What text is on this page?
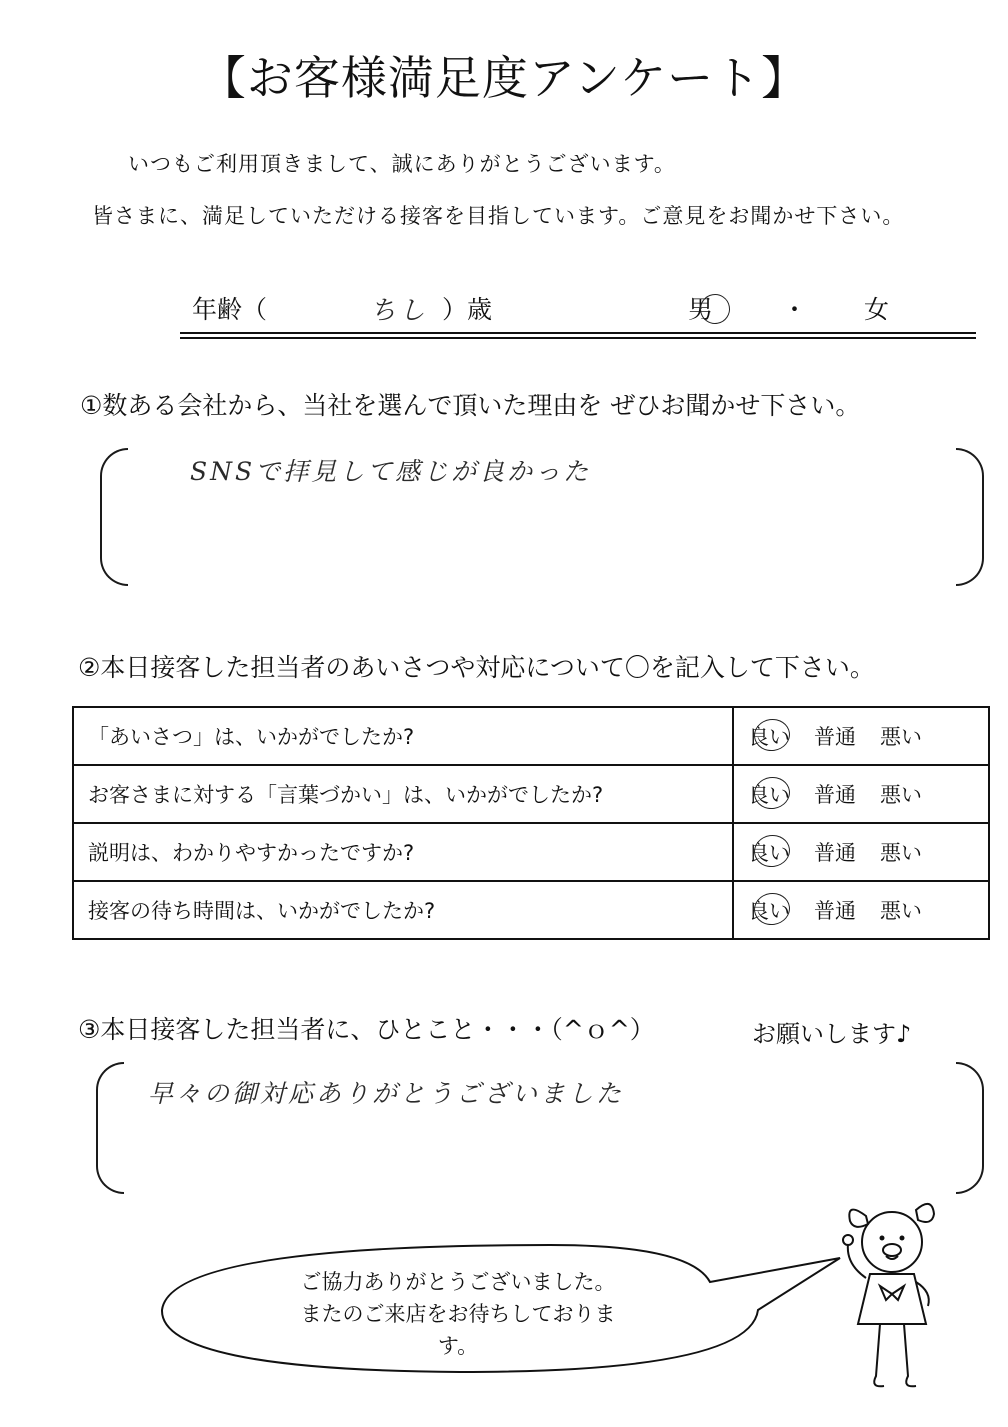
【お客様満足度アンケート】
いつもご利用頂きまして、誠にありがとうございます。
皆さまに、満足していただける接客を目指しています。ご意見をお聞かせ下さい。
年齢（	ちし ）歳	男	・ 女
①数ある会社から、当社を選んで頂いた理由を ぜひお聞かせ下さい。
SNSで拝見して感じが良かった
②本日接客した担当者のあいさつや対応について〇を記入して下さい。
「あいさつ」は、いかがでしたか?	良い 普通 悪い
お客さまに対する「言葉づかい」は、いかがでしたか?	良い 普通 悪い
説明は、わかりやすかったですか?	良い 普通 悪い
接客の待ち時間は、いかがでしたか?	良い 普通 悪い
③本日接客した担当者に、ひとこと・・・（^ｏ^）	お願いします♪
早々の御対応ありがとうございました
ご協力ありがとうございました。
またのご来店をお待ちしております。
